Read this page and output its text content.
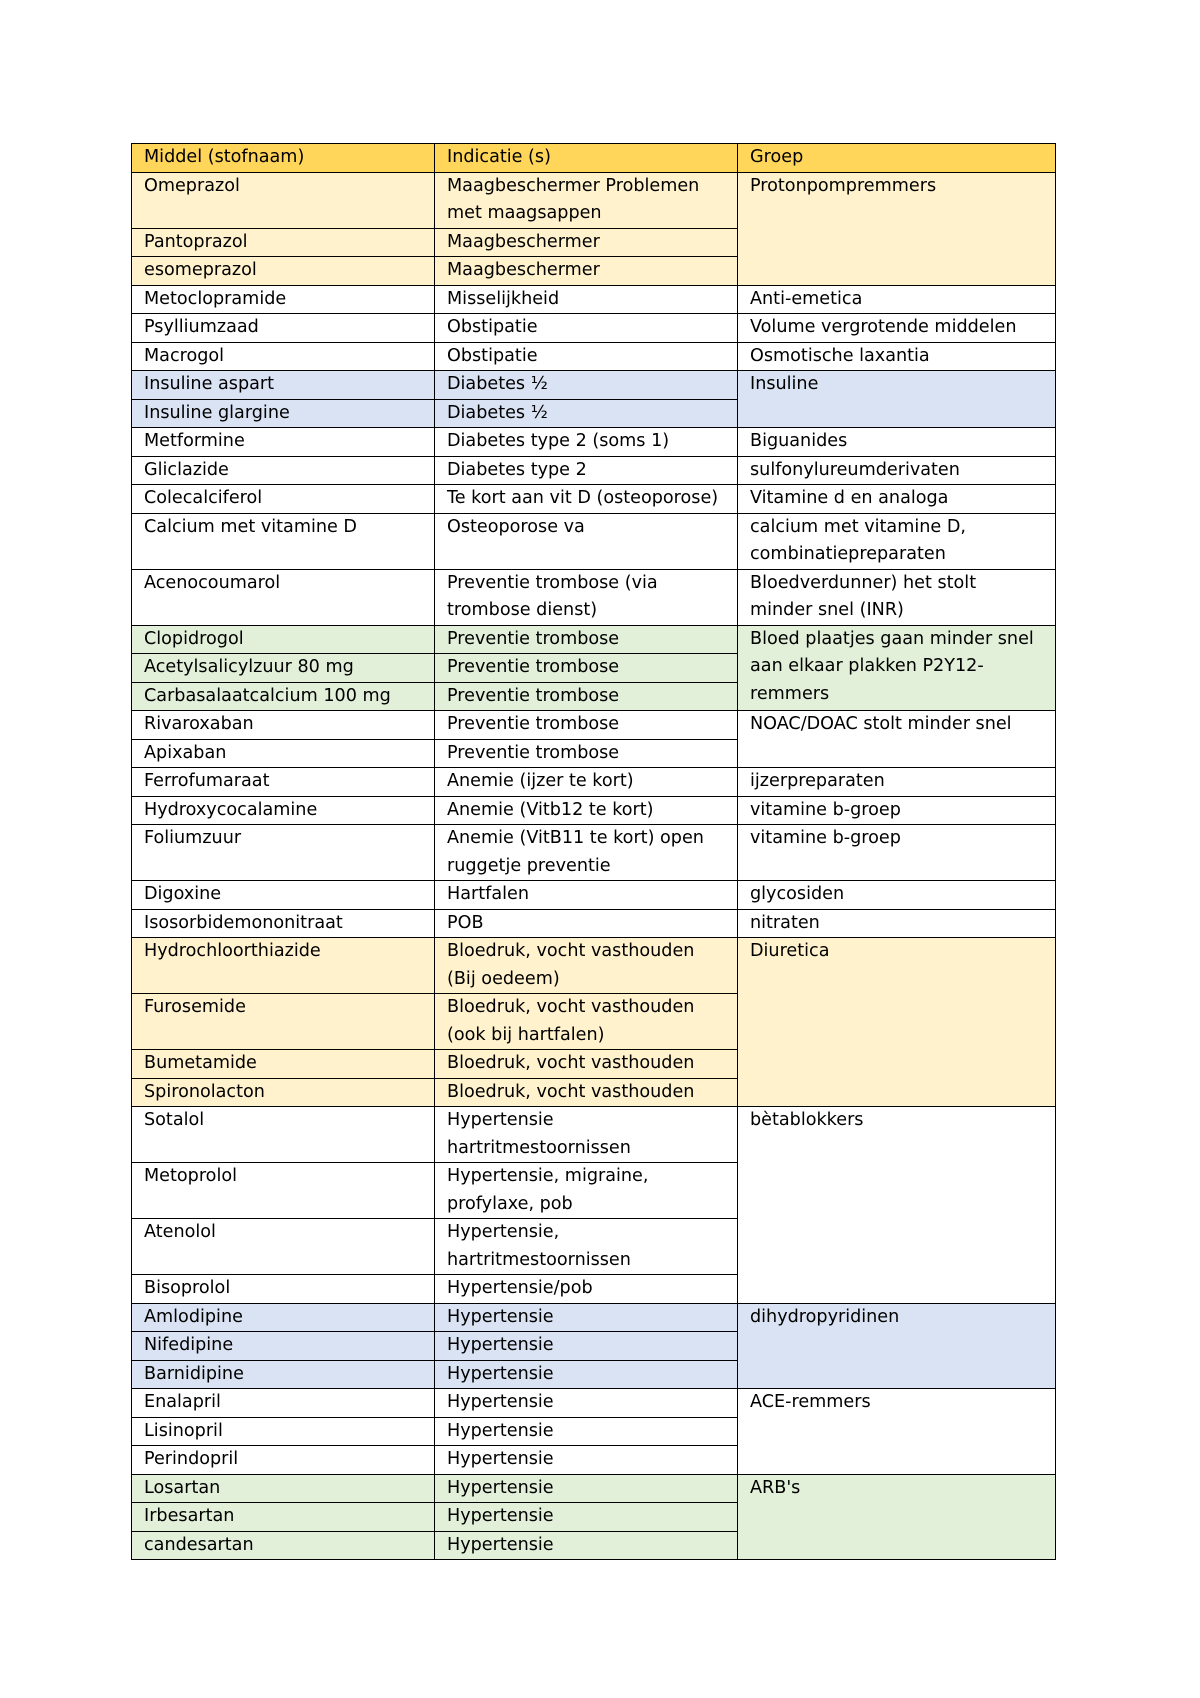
Middel (stofnaam)	Indicatie (s)	Groep
Omeprazol	Maagbeschermer Problemen met maagsappen	Protonpompremmers
Pantoprazol	Maagbeschermer	
esomeprazol	Maagbeschermer	
Metoclopramide	Misselijkheid	Anti-emetica
Psylliumzaad	Obstipatie	Volume vergrotende middelen
Macrogol	Obstipatie	Osmotische laxantia
Insuline aspart	Diabetes ½	Insuline
Insuline glargine	Diabetes ½	
Metformine	Diabetes type 2 (soms 1)	Biguanides
Gliclazide	Diabetes type 2	sulfonylureumderivaten
Colecalciferol	Te kort aan vit D (osteoporose)	Vitamine d en analoga
Calcium met vitamine D	Osteoporose va	calcium met vitamine D, combinatiepreparaten
Acenocoumarol	Preventie trombose (via trombose dienst)	Bloedverdunner) het stolt minder snel (INR)
Clopidrogol	Preventie trombose	Bloed plaatjes gaan minder snel aan elkaar plakken P2Y12-remmers
Acetylsalicylzuur 80 mg	Preventie trombose	
Carbasalaatcalcium 100 mg	Preventie trombose	
Rivaroxaban	Preventie trombose	NOAC/DOAC stolt minder snel
Apixaban	Preventie trombose	
Ferrofumaraat	Anemie (ijzer te kort)	ijzerpreparaten
Hydroxycocalamine	Anemie (Vitb12 te kort)	vitamine b-groep
Foliumzuur	Anemie (VitB11 te kort) open ruggetje preventie	vitamine b-groep
Digoxine	Hartfalen	glycosiden
Isosorbidemononitraat	POB	nitraten
Hydrochloorthiazide	Bloedruk, vocht vasthouden (Bij oedeem)	Diuretica
Furosemide	Bloedruk, vocht vasthouden (ook bij hartfalen)	
Bumetamide	Bloedruk, vocht vasthouden	
Spironolacton	Bloedruk, vocht vasthouden	
Sotalol	Hypertensie hartritmestoornissen	bètablokkers
Metoprolol	Hypertensie, migraine, profylaxe, pob	
Atenolol	Hypertensie, hartritmestoornissen	
Bisoprolol	Hypertensie/pob	
Amlodipine	Hypertensie	dihydropyridinen
Nifedipine	Hypertensie	
Barnidipine	Hypertensie	
Enalapril	Hypertensie	ACE-remmers
Lisinopril	Hypertensie	
Perindopril	Hypertensie	
Losartan	Hypertensie	ARB's
Irbesartan	Hypertensie	
candesartan	Hypertensie	
